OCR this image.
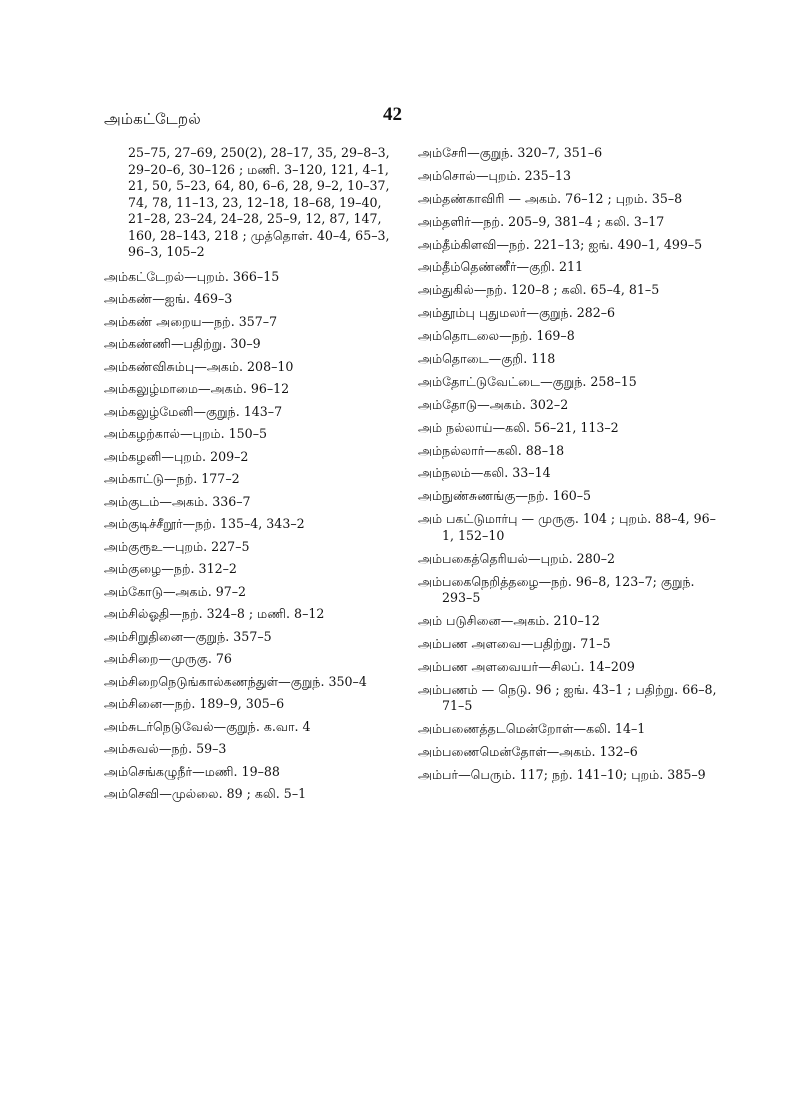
அம்கட்டேறல்	42
25–75, 27–69, 250(2), 28–17, 35, 29–8–3, 29–20–6, 30–126 ; மணி. 3–120, 121, 4–1, 21, 50, 5–23, 64, 80, 6–6, 28, 9–2, 10–37, 74, 78, 11–13, 23, 12–18, 18–68, 19–40, 21–28, 23–24, 24–28, 25–9, 12, 87, 147, 160, 28–143, 218 ; முத்தொள். 40–4, 65–3, 96–3, 105–2
அம்கட்டேறல்—புறம். 366–15
அம்கண்—ஐங். 469–3
அம்கண் அறைய—நற். 357–7
அம்கண்ணி—பதிற்று. 30–9
அம்கண்விசும்பு—அகம். 208–10
அம்கலுழ்மாமை—அகம். 96–12
அம்கலுழ்மேனி—குறுந். 143–7
அம்கழற்கால்—புறம். 150–5
அம்கழனி—புறம். 209–2
அம்காட்டு—நற். 177–2
அம்குடம்—அகம். 336–7
அம்குடிச்சீறூர்—நற். 135–4, 343–2
அம்குரூஉ—புறம். 227–5
அம்குழை—நற். 312–2
அம்கோடு—அகம். 97–2
அம்சில்ஓதி—நற். 324–8 ; மணி. 8–12
அம்சிறுதினை—குறுந். 357–5
அம்சிறை—முருகு. 76
அம்சிறைநெடுங்கால்கணந்துள்—குறுந். 350–4
அம்சினை—நற். 189–9, 305–6
அம்சுடர்நெடுவேல்—குறுந். க.வா. 4
அம்சுவல்—நற். 59–3
அம்செங்கழுநீர்—மணி. 19–88
அம்செவி—முல்லை. 89 ; கலி. 5–1
அம்சேரி—குறுந். 320–7, 351–6
அம்சொல்—புறம். 235–13
அம்தண்காவிரி — அகம். 76–12 ; புறம். 35–8
அம்தளிர்—நற். 205–9, 381–4 ; கலி. 3–17
அம்தீம்கிளவி—நற். 221–13; ஐங். 490–1, 499–5
அம்தீம்தெண்ணீர்—குறி. 211
அம்துகில்—நற். 120–8 ; கலி. 65–4, 81–5
அம்தூம்பு புதுமலர்—குறுந். 282–6
அம்தொடலை—நற். 169–8
அம்தொடை—குறி. 118
அம்தோட்டுவேட்டை—குறுந். 258–15
அம்தோடு—அகம். 302–2
அம் நல்லாய்—கலி. 56–21, 113–2
அம்நல்லார்—கலி. 88–18
அம்நலம்—கலி. 33–14
அம்நுண்சுணங்கு—நற். 160–5
அம் பகட்டுமார்பு — முருகு. 104 ; புறம். 88–4, 96–1, 152–10
அம்பகைத்தெரியல்—புறம். 280–2
அம்பகைநெறித்தழை—நற். 96–8, 123–7; குறுந். 293–5
அம் படுசினை—அகம். 210–12
அம்பண அளவை—பதிற்று. 71–5
அம்பண அளவையர்—சிலப். 14–209
அம்பணம் — நெடு. 96 ; ஐங். 43–1 ; பதிற்று. 66–8, 71–5
அம்பணைத்தடமென்றோள்—கலி. 14–1
அம்பணைமென்தோள்—அகம். 132–6
அம்பர்—பெரும். 117; நற். 141–10; புறம். 385–9
